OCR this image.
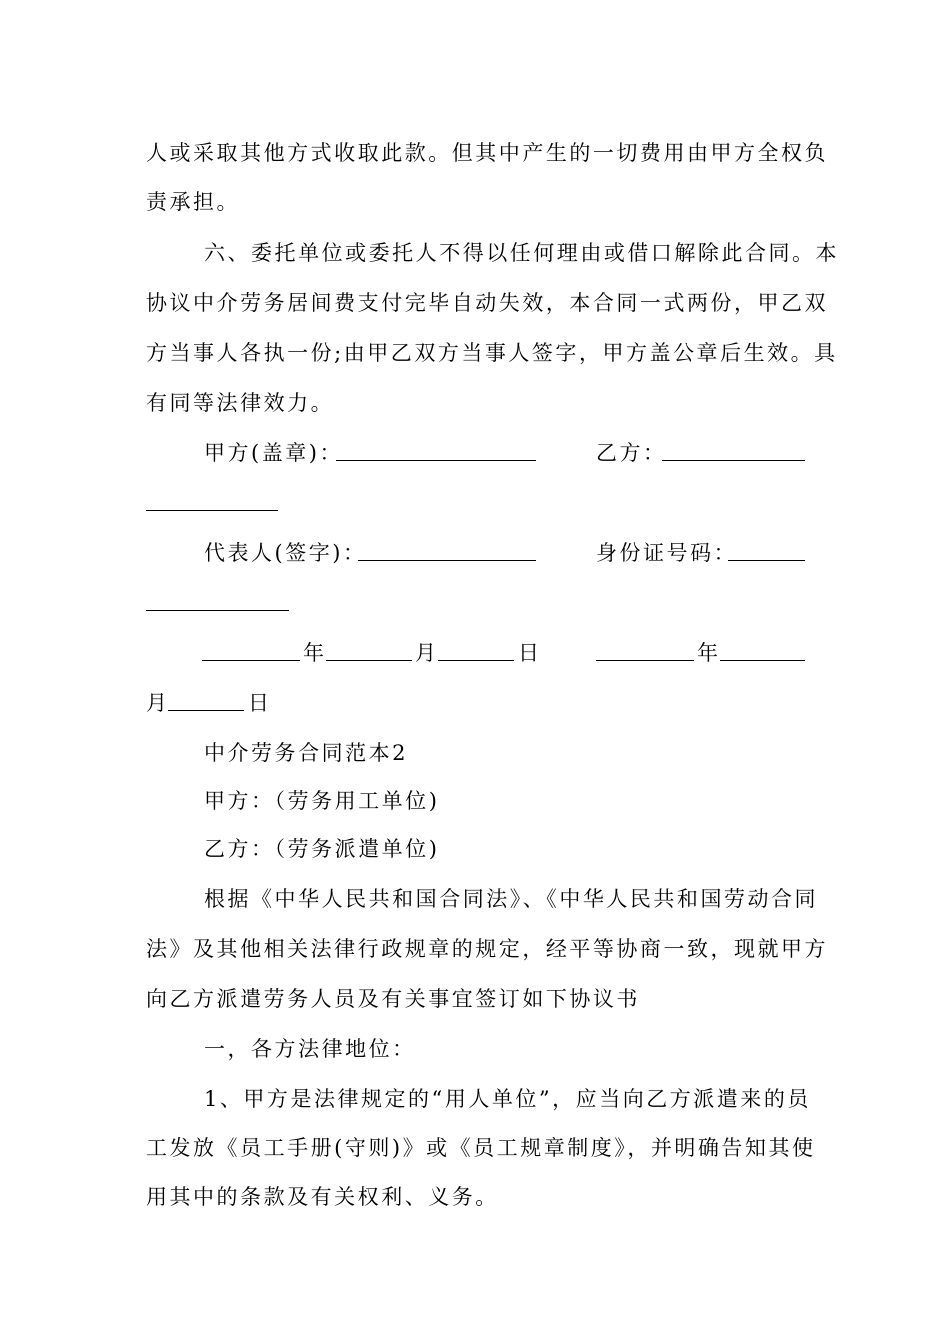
人或采取其他方式收取此款。但其中产生的一切费用由甲方全权负
责承担。
六、委托单位或委托人不得以任何理由或借口解除此合同。本
协议中介劳务居间费支付完毕自动失效，本合同一式两份，甲乙双
方当事人各执一份;由甲乙双方当事人签字，甲方盖公章后生效。具
有同等法律效力。
甲方(盖章)：	乙方：
代表人(签字)：	身份证号码：
年	月	日	年
月	日
中介劳务合同范本2
甲方：（劳务用工单位)
乙方：（劳务派遣单位)
根据《中华人民共和国合同法》、《中华人民共和国劳动合同
法》及其他相关法律行政规章的规定，经平等协商一致，现就甲方
向乙方派遣劳务人员及有关事宜签订如下协议书
一，各方法律地位：
1、甲方是法律规定的“用人单位”，应当向乙方派遣来的员
工发放《员工手册(守则)》或《员工规章制度》，并明确告知其使
用其中的条款及有关权利、义务。
